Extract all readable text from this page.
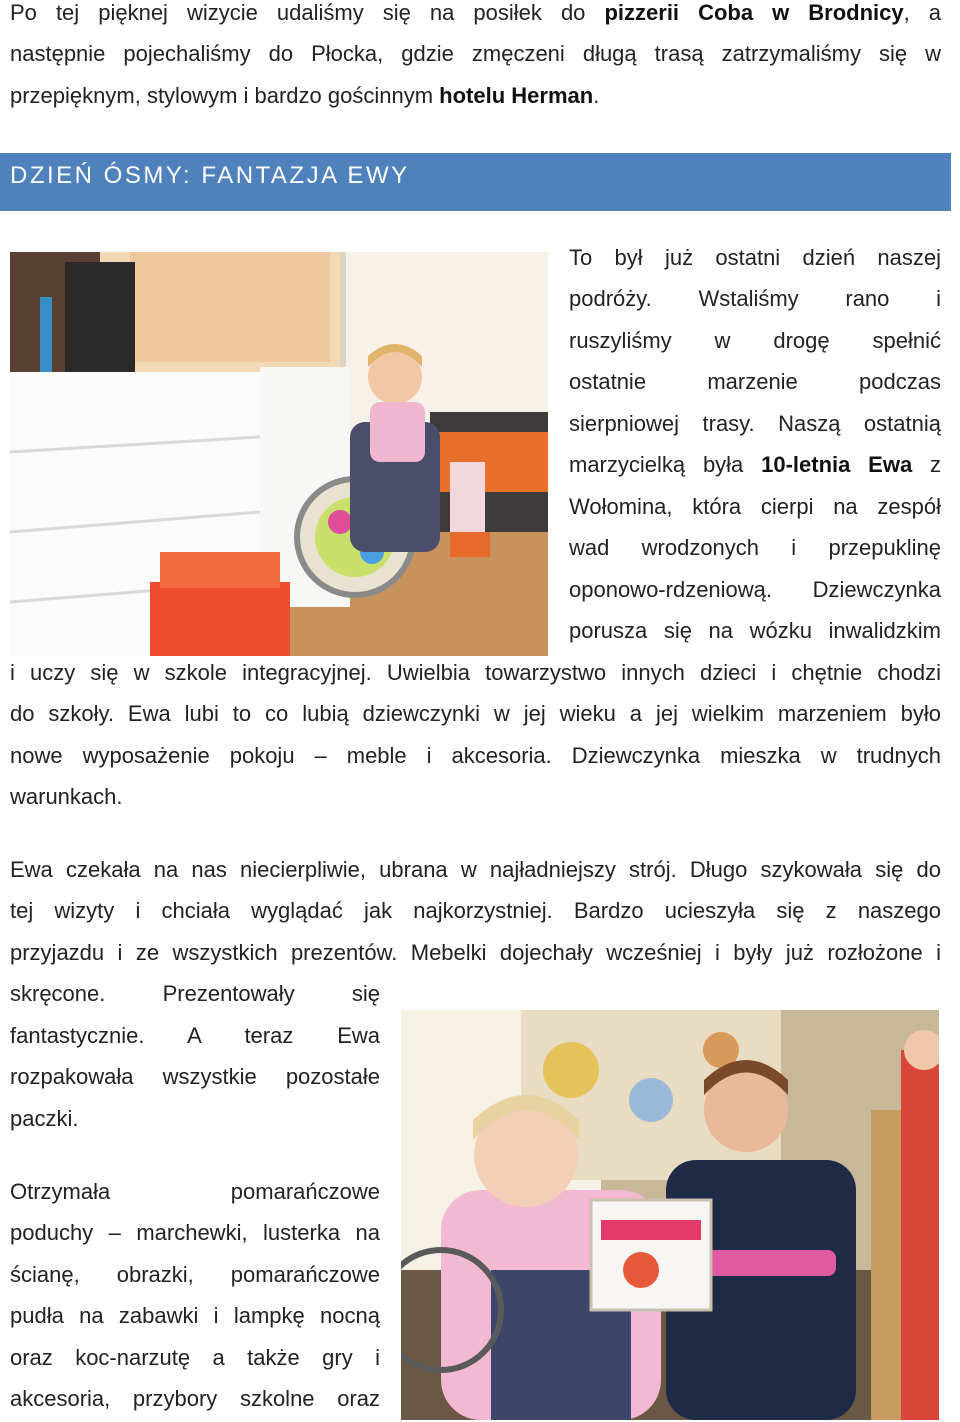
Po tej pięknej wizycie udaliśmy się na posiłek do pizzerii Coba w Brodnicy, a
następnie pojechaliśmy do Płocka, gdzie zmęczeni długą trasą zatrzymaliśmy się w
przepięknym, stylowym i bardzo gościnnym hotelu Herman.
DZIEŃ ÓSMY: FANTAZJA EWY
To był już ostatni dzień naszej
podróży. Wstaliśmy rano i
ruszyliśmy w drogę spełnić
ostatnie marzenie podczas
sierpniowej trasy. Naszą ostatnią
marzycielką była 10-letnia Ewa z
Wołomina, która cierpi na zespół
wad wrodzonych i przepuklinę
oponowo-rdzeniową. Dziewczynka
porusza się na wózku inwalidzkim
i uczy się w szkole integracyjnej. Uwielbia towarzystwo innych dzieci i chętnie chodzi
do szkoły. Ewa lubi to co lubią dziewczynki w jej wieku a jej wielkim marzeniem było
nowe wyposażenie pokoju – meble i akcesoria. Dziewczynka mieszka w trudnych
warunkach.
Ewa czekała na nas niecierpliwie, ubrana w najładniejszy strój. Długo szykowała się do
tej wizyty i chciała wyglądać jak najkorzystniej. Bardzo ucieszyła się z naszego
przyjazdu i ze wszystkich prezentów. Mebelki dojechały wcześniej i były już rozłożone i
skręcone. Prezentowały się
fantastycznie. A teraz Ewa
rozpakowała wszystkie pozostałe
paczki.
Otrzymała pomarańczowe
poduchy – marchewki, lusterka na
ścianę, obrazki, pomarańczowe
pudła na zabawki i lampkę nocną
oraz koc-narzutę a także gry i
akcesoria, przybory szkolne oraz
